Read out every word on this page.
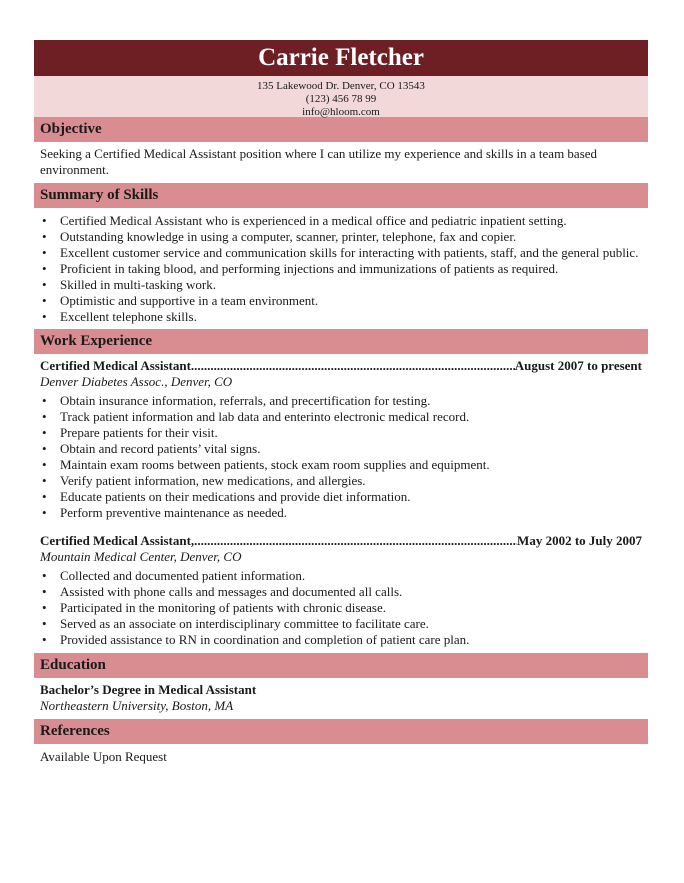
Carrie Fletcher
135 Lakewood Dr. Denver, CO 13543
(123) 456 78 99
info@hloom.com
Objective
Seeking a Certified Medical Assistant position where I can utilize my experience and skills in a team based environment.
Summary of Skills
•	Certified Medical Assistant who is experienced in a medical office and pediatric inpatient setting.
•	Outstanding knowledge in using a computer, scanner, printer, telephone, fax and copier.
•	Excellent customer service and communication skills for interacting with patients, staff, and the general public.
•	Proficient in taking blood, and performing injections and immunizations of patients as required.
•	Skilled in multi-tasking work.
•	Optimistic and supportive in a team environment.
•	Excellent telephone skills.
Work Experience
Certified Medical Assistant .....	August 2007 to present
Denver Diabetes Assoc., Denver, CO
•	Obtain insurance information, referrals, and precertification for testing.
•	Track patient information and lab data and enterinto electronic medical record.
•	Prepare patients for their visit.
•	Obtain and record patients’ vital signs.
•	Maintain exam rooms between patients, stock exam room supplies and equipment.
•	Verify patient information, new medications, and allergies.
•	Educate patients on their medications and provide diet information.
•	Perform preventive maintenance as needed.
Certified Medical Assistant, .....	May 2002 to July 2007
Mountain Medical Center, Denver, CO
•	Collected and documented patient information.
•	Assisted with phone calls and messages and documented all calls.
•	Participated in the monitoring of patients with chronic disease.
•	Served as an associate on interdisciplinary committee to facilitate care.
•	Provided assistance to RN in coordination and completion of patient care plan.
Education
Bachelor’s Degree in Medical Assistant
Northeastern University, Boston, MA
References
Available Upon Request
